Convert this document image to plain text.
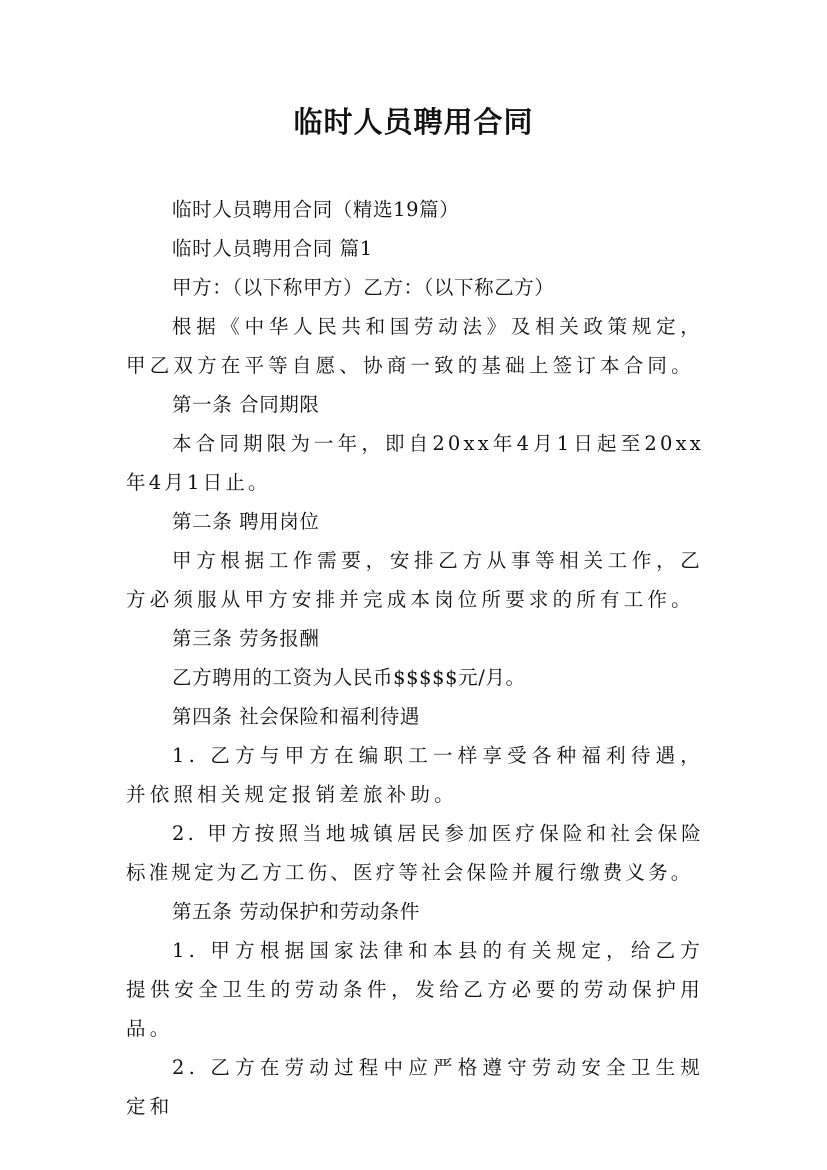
临时人员聘用合同

临时人员聘用合同（精选19篇）

临时人员聘用合同 篇1

甲方：（以下称甲方）乙方：（以下称乙方）

根据《中华人民共和国劳动法》及相关政策规定，甲乙双方在平等自愿、协商一致的基础上签订本合同。

第一条 合同期限

本合同期限为一年，即自20xx年4月1日起至20xx年4月1日止。

第二条 聘用岗位

甲方根据工作需要，安排乙方从事等相关工作，乙方必须服从甲方安排并完成本岗位所要求的所有工作。

第三条 劳务报酬

乙方聘用的工资为人民币$$$$$元/月。

第四条 社会保险和福利待遇

1. 乙方与甲方在编职工一样享受各种福利待遇，并依照相关规定报销差旅补助。

2. 甲方按照当地城镇居民参加医疗保险和社会保险标准规定为乙方工伤、医疗等社会保险并履行缴费义务。

第五条 劳动保护和劳动条件

1. 甲方根据国家法律和本县的有关规定，给乙方提供安全卫生的劳动条件，发给乙方必要的劳动保护用品。

2. 乙方在劳动过程中应严格遵守劳动安全卫生规定和
